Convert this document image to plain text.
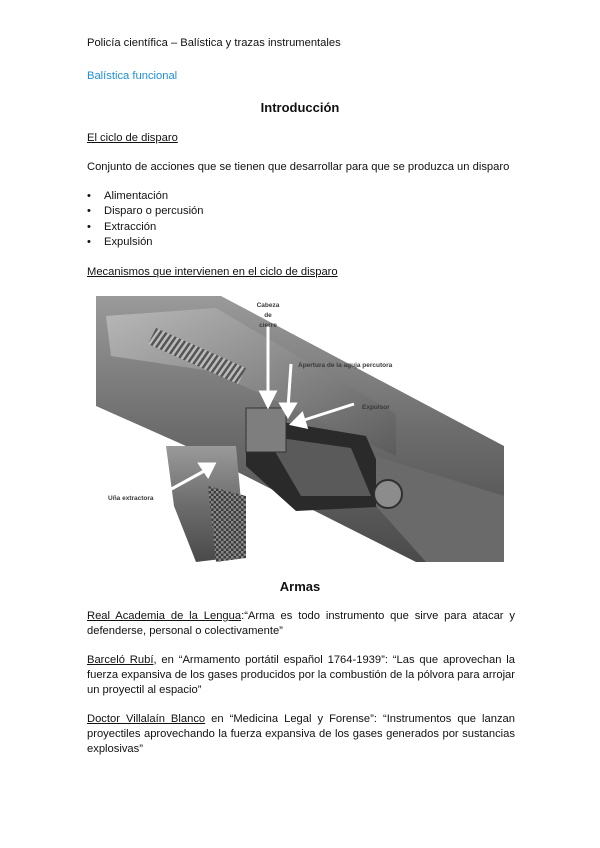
Policía científica – Balística y trazas instrumentales
Balística funcional
Introducción
El ciclo de disparo
Conjunto de acciones que se tienen que desarrollar para que se produzca un disparo
• Alimentación
• Disparo o percusión
• Extracción
• Expulsión
Mecanismos que intervienen en el ciclo de disparo
Cabeza
de
cierre
Apertura de la aguja percutora
Expulsor
Uña extractora
Armas

Real Academia de la Lengua:“Arma es todo instrumento que sirve para atacar y defenderse, personal o colectivamente”

Barceló Rubí, en “Armamento portátil español 1764-1939”: “Las que aprovechan la fuerza expansiva de los gases producidos por la combustión de la pólvora para arrojar un proyectil al espacio”

Doctor Villalaín Blanco en “Medicina Legal y Forense”: “Instrumentos que lanzan proyectiles aprovechando la fuerza expansiva de los gases generados por sustancias explosivas”
